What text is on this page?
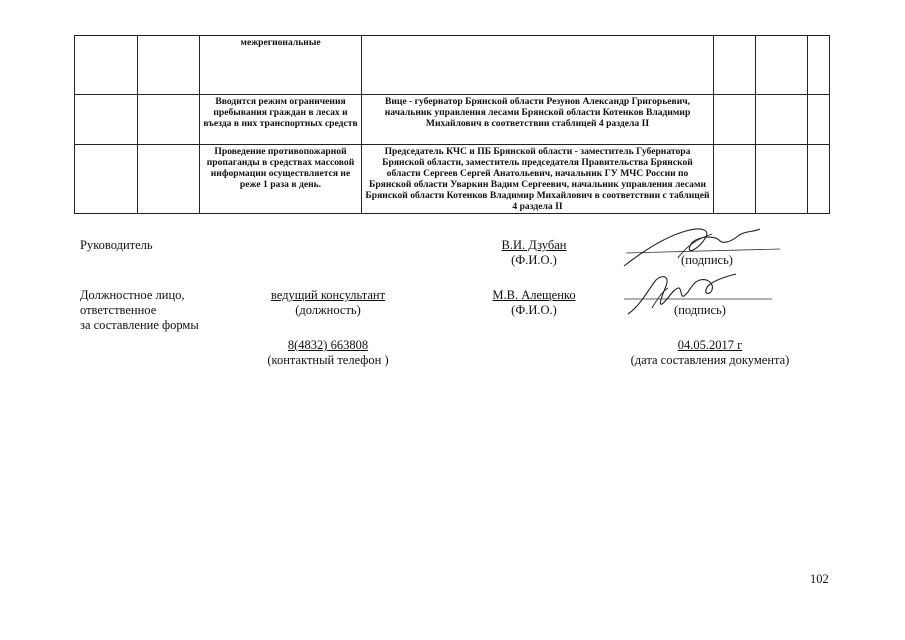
		межрегиональные				
		Вводится режим ограничения пребывания граждан в лесах и въезда в них транспортных средств	Вице - губернатор Брянской области Резунов Александр Григорьевич, начальник управления лесами Брянской области Котенков Владимир Михайлович в соответствии стаблицей 4 раздела II			
		Проведение противопожарной пропаганды в средствах массовой информации осуществляется не реже 1 раза в день.	Председатель КЧС и ПБ Брянской области - заместитель Губернатора Брянской области, заместитель председателя Правительства Брянской области Сергеев Сергей Анатольевич, начальник ГУ МЧС России по Брянской области Уваркин Вадим Сергеевич, начальник управления лесами Брянской области Котенков Владимир Михайлович в соответствии с таблицей 4 раздела II			
Руководитель	В.И. Дзубан
(Ф.И.О.)	(подпись)
Должностное лицо,
ответственное
за составление формы
ведущий консультант
(должность)
М.В. Алещенко
(Ф.И.О.)	(подпись)
8(4832) 663808
(контактный телефон )
04.05.2017 г
(дата составления документа)
102
